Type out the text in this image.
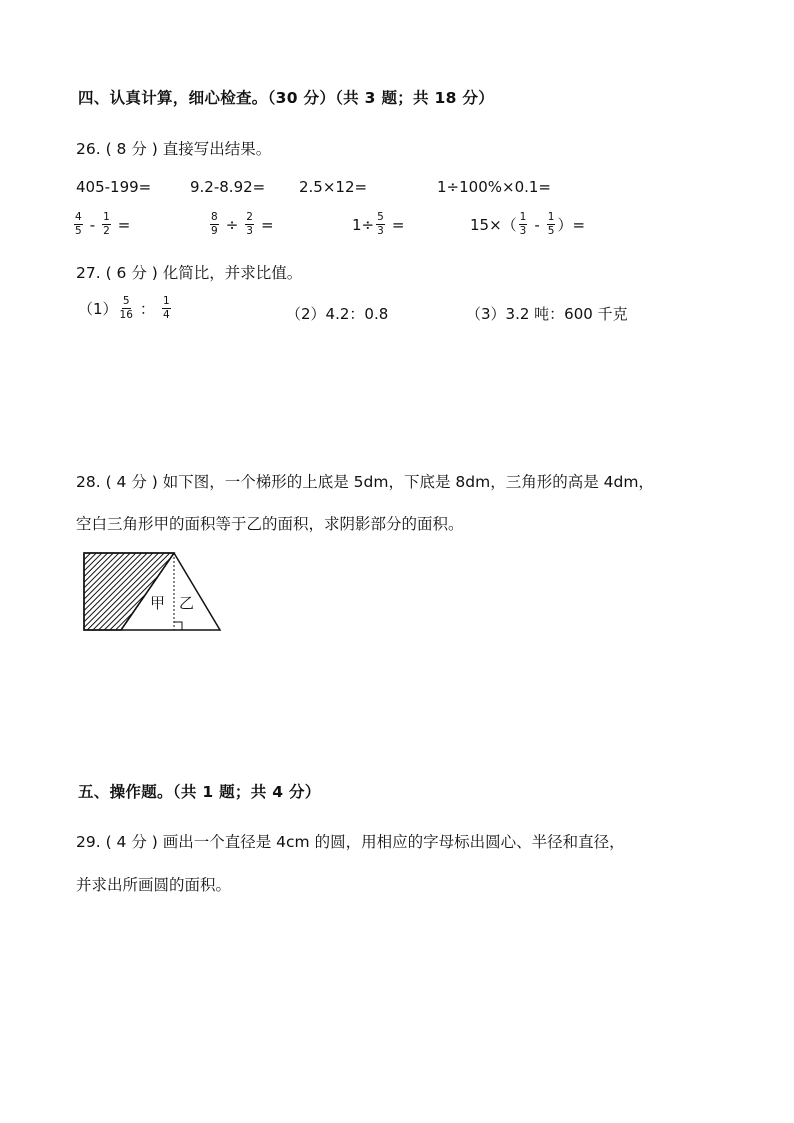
四、认真计算，细心检查。（30 分）（共 3 题；共 18 分）
26. ( 8 分 ) 直接写出结果。
405-199=	9.2-8.92= 2.5×12=	1÷100%×0.1=
$\frac{4}{5} - \frac{1}{2}$ =	$\frac{8}{9} \div \frac{2}{3}$ =	$1\div \frac{5}{3}$ =	$15\times( \frac{1}{3} - \frac{1}{5}$ ）=
27. ( 6 分 ) 化简比，并求比值。
$(1) \frac{5}{16}$ ： $\frac{1}{4}$	（2）4.2：0.8	（3）3.2 吨：600 千克
28. ( 4 分 ) 如下图，一个梯形的上底是 5dm，下底是 8dm，三角形的高是 4dm，
空白三角形甲的面积等于乙的面积，求阴影部分的面积。
甲 乙
五、操作题。（共 1 题；共 4 分）
29. ( 4 分 ) 画出一个直径是 4cm 的圆，用相应的字母标出圆心、半径和直径，
并求出所画圆的面积。
